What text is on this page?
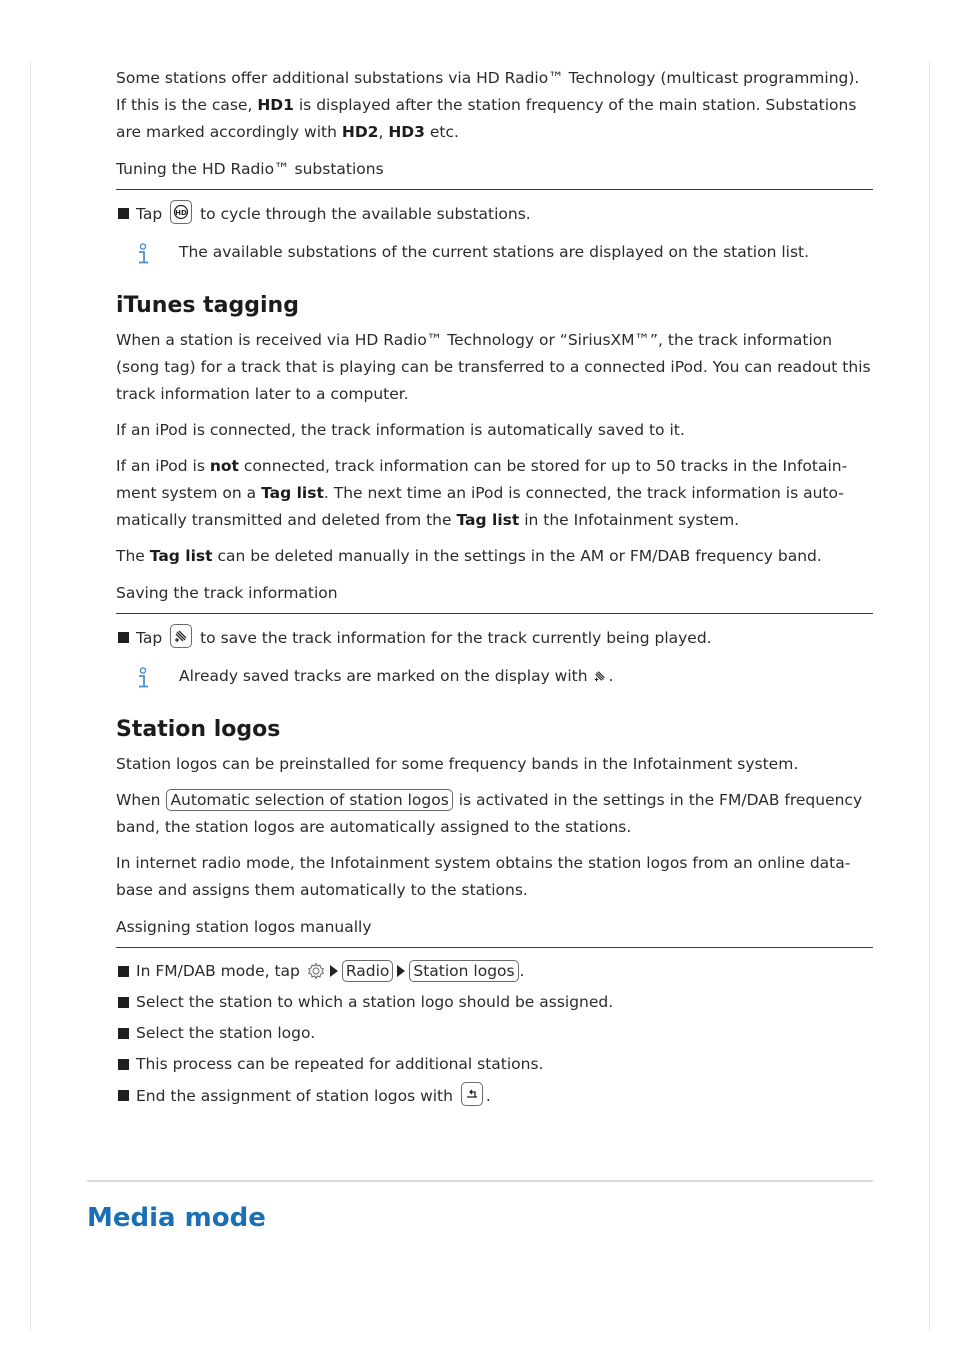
Some stations offer additional substations via HD Radio™ Technology (multicast programming). If this is the case, HD1 is displayed after the station frequency of the main station. Substations are marked accordingly with HD2, HD3 etc.

Tuning the HD Radio™ substations

Tap HD to cycle through the available substations.
The available substations of the current stations are displayed on the station list.
iTunes tagging

When a station is received via HD Radio™ Technology or “SiriusXM™”, the track information (song tag) for a track that is playing can be transferred to a connected iPod. You can readout this track information later to a computer.

If an iPod is connected, the track information is automatically saved to it.

If an iPod is not connected, track information can be stored for up to 50 tracks in the Infotain-ment system on a Tag list. The next time an iPod is connected, the track information is auto-matically transmitted and deleted from the Tag list in the Infotainment system.

The Tag list can be deleted manually in the settings in the AM or FM/DAB frequency band.

Saving the track information

Tap
to save the track information for the track currently being played.
Already saved tracks are marked on the display with .
Station logos

Station logos can be preinstalled for some frequency bands in the Infotainment system.

When Automatic selection of station logos is activated in the settings in the FM/DAB frequency band, the station logos are automatically assigned to the stations.

In internet radio mode, the Infotainment system obtains the station logos from an online data-base and assigns them automatically to the stations.

Assigning station logos manually

In FM/DAB mode, tap	Radio Station logos .
Select the station to which a station logo should be assigned.
Select the station logo.
This process can be repeated for additional stations.
End the assignment of station logos with
.
Media mode
